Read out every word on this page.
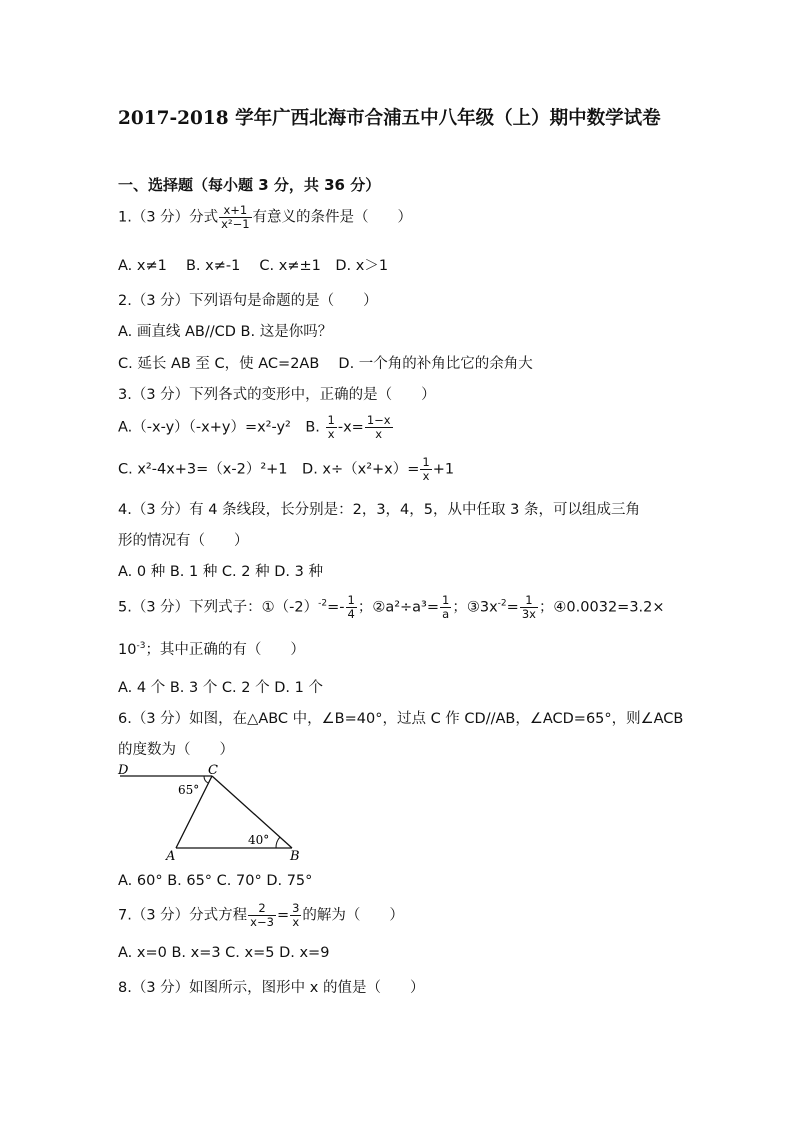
2017-2018 学年广西北海市合浦五中八年级（上）期中数学试卷
一、选择题（每小题 3 分，共 36 分）
1.（3 分）分式 $\frac{x+1}{\text{x²−1}}$ 有意义的条件是（　　）
A. x≠1　 B. x≠-1　 C. x≠±1　D. x＞1
2.（3 分）下列语句是命题的是（　　）
A. 画直线 AB∕∕CD B. 这是你吗？
C. 延长 AB 至 C，使 AC=2AB　 D. 一个角的补角比它的余角大
3.（3 分）下列各式的变形中，正确的是（　　）
A.（-x-y）（-x+y）=x²-y²　B. $\frac{1}{x} -x= \frac{1-x}{x}$
C. x²-4x+3=（x-2）²+1　D. $x\div(x^2+x)= \frac{1}{x} +1$
4.（3 分）有 4 条线段，长分别是：2，3，4，5，从中任取 3 条，可以组成三角
形的情况有（　　）
A. 0 种 B. 1 种 C. 2 种 D. 3 种
5.（3 分）下列式子：$①(-2)^{-2}=- \frac{1}{4}$ ；②a²÷a³= $\frac{1}{a}$ ；$③3x^{-2}= \frac{1}{3x}$ ；④0.0032=3.2×
$10^{-3}$；其中正确的有（　　）
A. 4 个 B. 3 个 C. 2 个 D. 1 个
6.（3 分）如图，在△ABC 中，∠B=40°，过点 C 作 CD∕∕AB，∠ACD=65°，则∠ACB
的度数为（　　）
D	C
A	B
65°
40°
A. 60° B. 65° C. 70° D. 75°
7.（3 分）分式方程 $\frac{2}{x-3} = \frac{3}{x}$ 的解为（　　）
A. x=0 B. x=3 C. x=5 D. x=9
8.（3 分）如图所示，图形中 x 的值是（　　）
